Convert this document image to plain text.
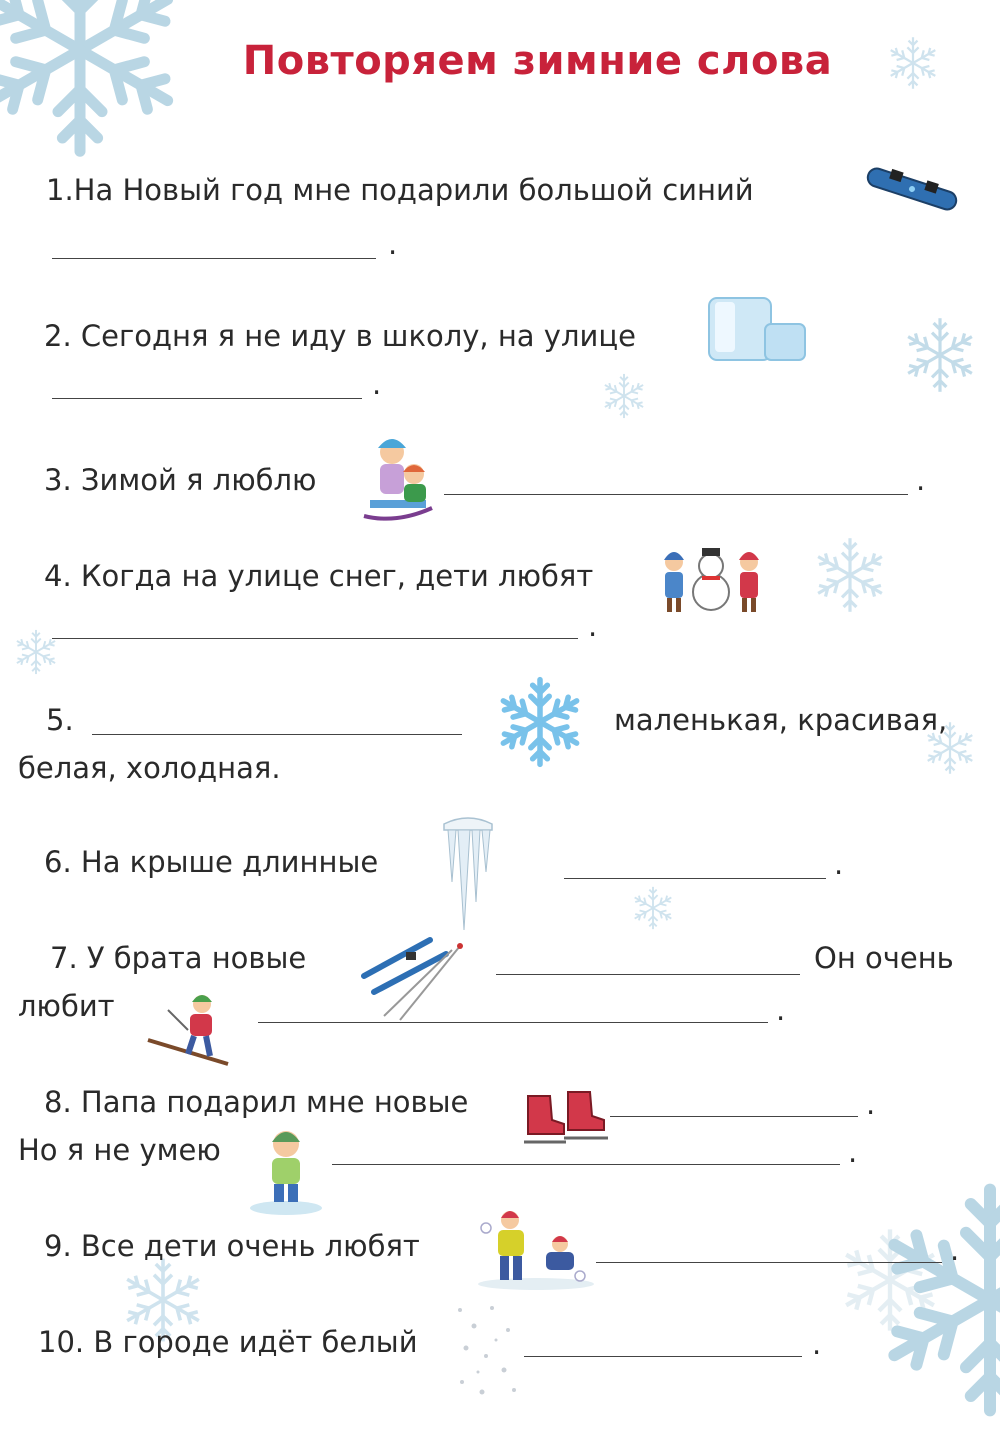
Повторяем зимние слова
1.На Новый год мне подарили большой синий
.
2. Сегодня я не иду в школу, на улице
.
3. Зимой я люблю	.
4. Когда на улице снег, дети любят
.
5.	маленькая, красивая,
белая, холодная.
6. На крыше длинные	.
7. У брата новые	Он очень
любит	.
8. Папа подарил мне новые	.
Но я не умею	.
9. Все дети очень любят	.
10. В городе идёт белый	.
